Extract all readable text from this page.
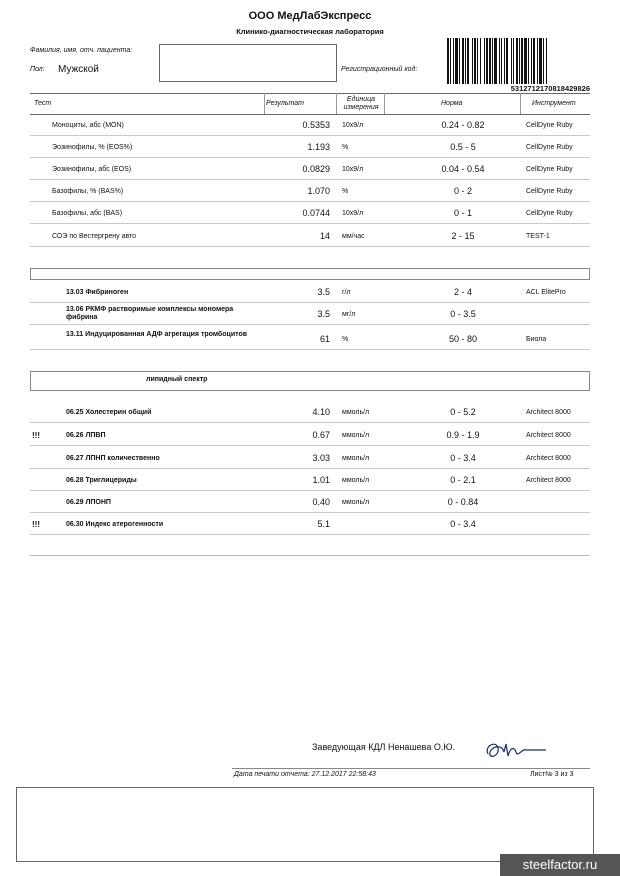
ООО МедЛабЭкспресс
Клинико-диагностическая лаборатория
Фамилия, имя, отч. пациента:
Пол: Мужской	Регистрационный код:
5312712170818429826
Тест	Результат
Единица измерения
Норма	Инструмент
липидный спектр
Моноциты, абс (MON)	0.5353 10x9/л	0.24 - 0.82	CellDyne Ruby
Эозинофилы, % (EOS%)	1.193 %	0.5 - 5	CellDyne Ruby
Эозинофилы, абс (EOS)	0.0829 10x9/л	0.04 - 0.54	CellDyne Ruby
Базофилы, % (BAS%)	1.070 %	0 - 2	CellDyne Ruby
Базофилы, абс (BAS)	0.0744 10x9/л	0 - 1	CellDyne Ruby
СОЭ по Вестергрену авто	14 мм/час	2 - 15	TEST-1
13.03 Фибриноген	3.5 г/л	2 - 4	ACL ElitePro
13.06 РКМФ растворимые комплексы мономера фибрина	3.5 мг/л	0 - 3.5
13.11 Индуцированная АДФ агрегация тромбоцитов	61 %	50 - 80	Биола
06.25 Холестерин общий	4.10 ммоль/л	0 - 5.2	Architect 8000
!!!	06.26 ЛПВП	0.67 ммоль/л	0.9 - 1.9	Architect 8000
06.27 ЛПНП количественно	3.03 ммоль/л	0 - 3.4	Architect 8000
06.28 Триглицериды	1.01 ммоль/л	0 - 2.1	Architect 8000
06.29 ЛПОНП	0.40 ммоль/л	0 - 0.84
!!!	06.30 Индекс атерогенности	5.1	0 - 3.4
Заведующая КДЛ Ненашева О.Ю.
Дата печати отчета: 27.12.2017 22:58:43	Лист№ 3 из 3
steelfactor.ru
